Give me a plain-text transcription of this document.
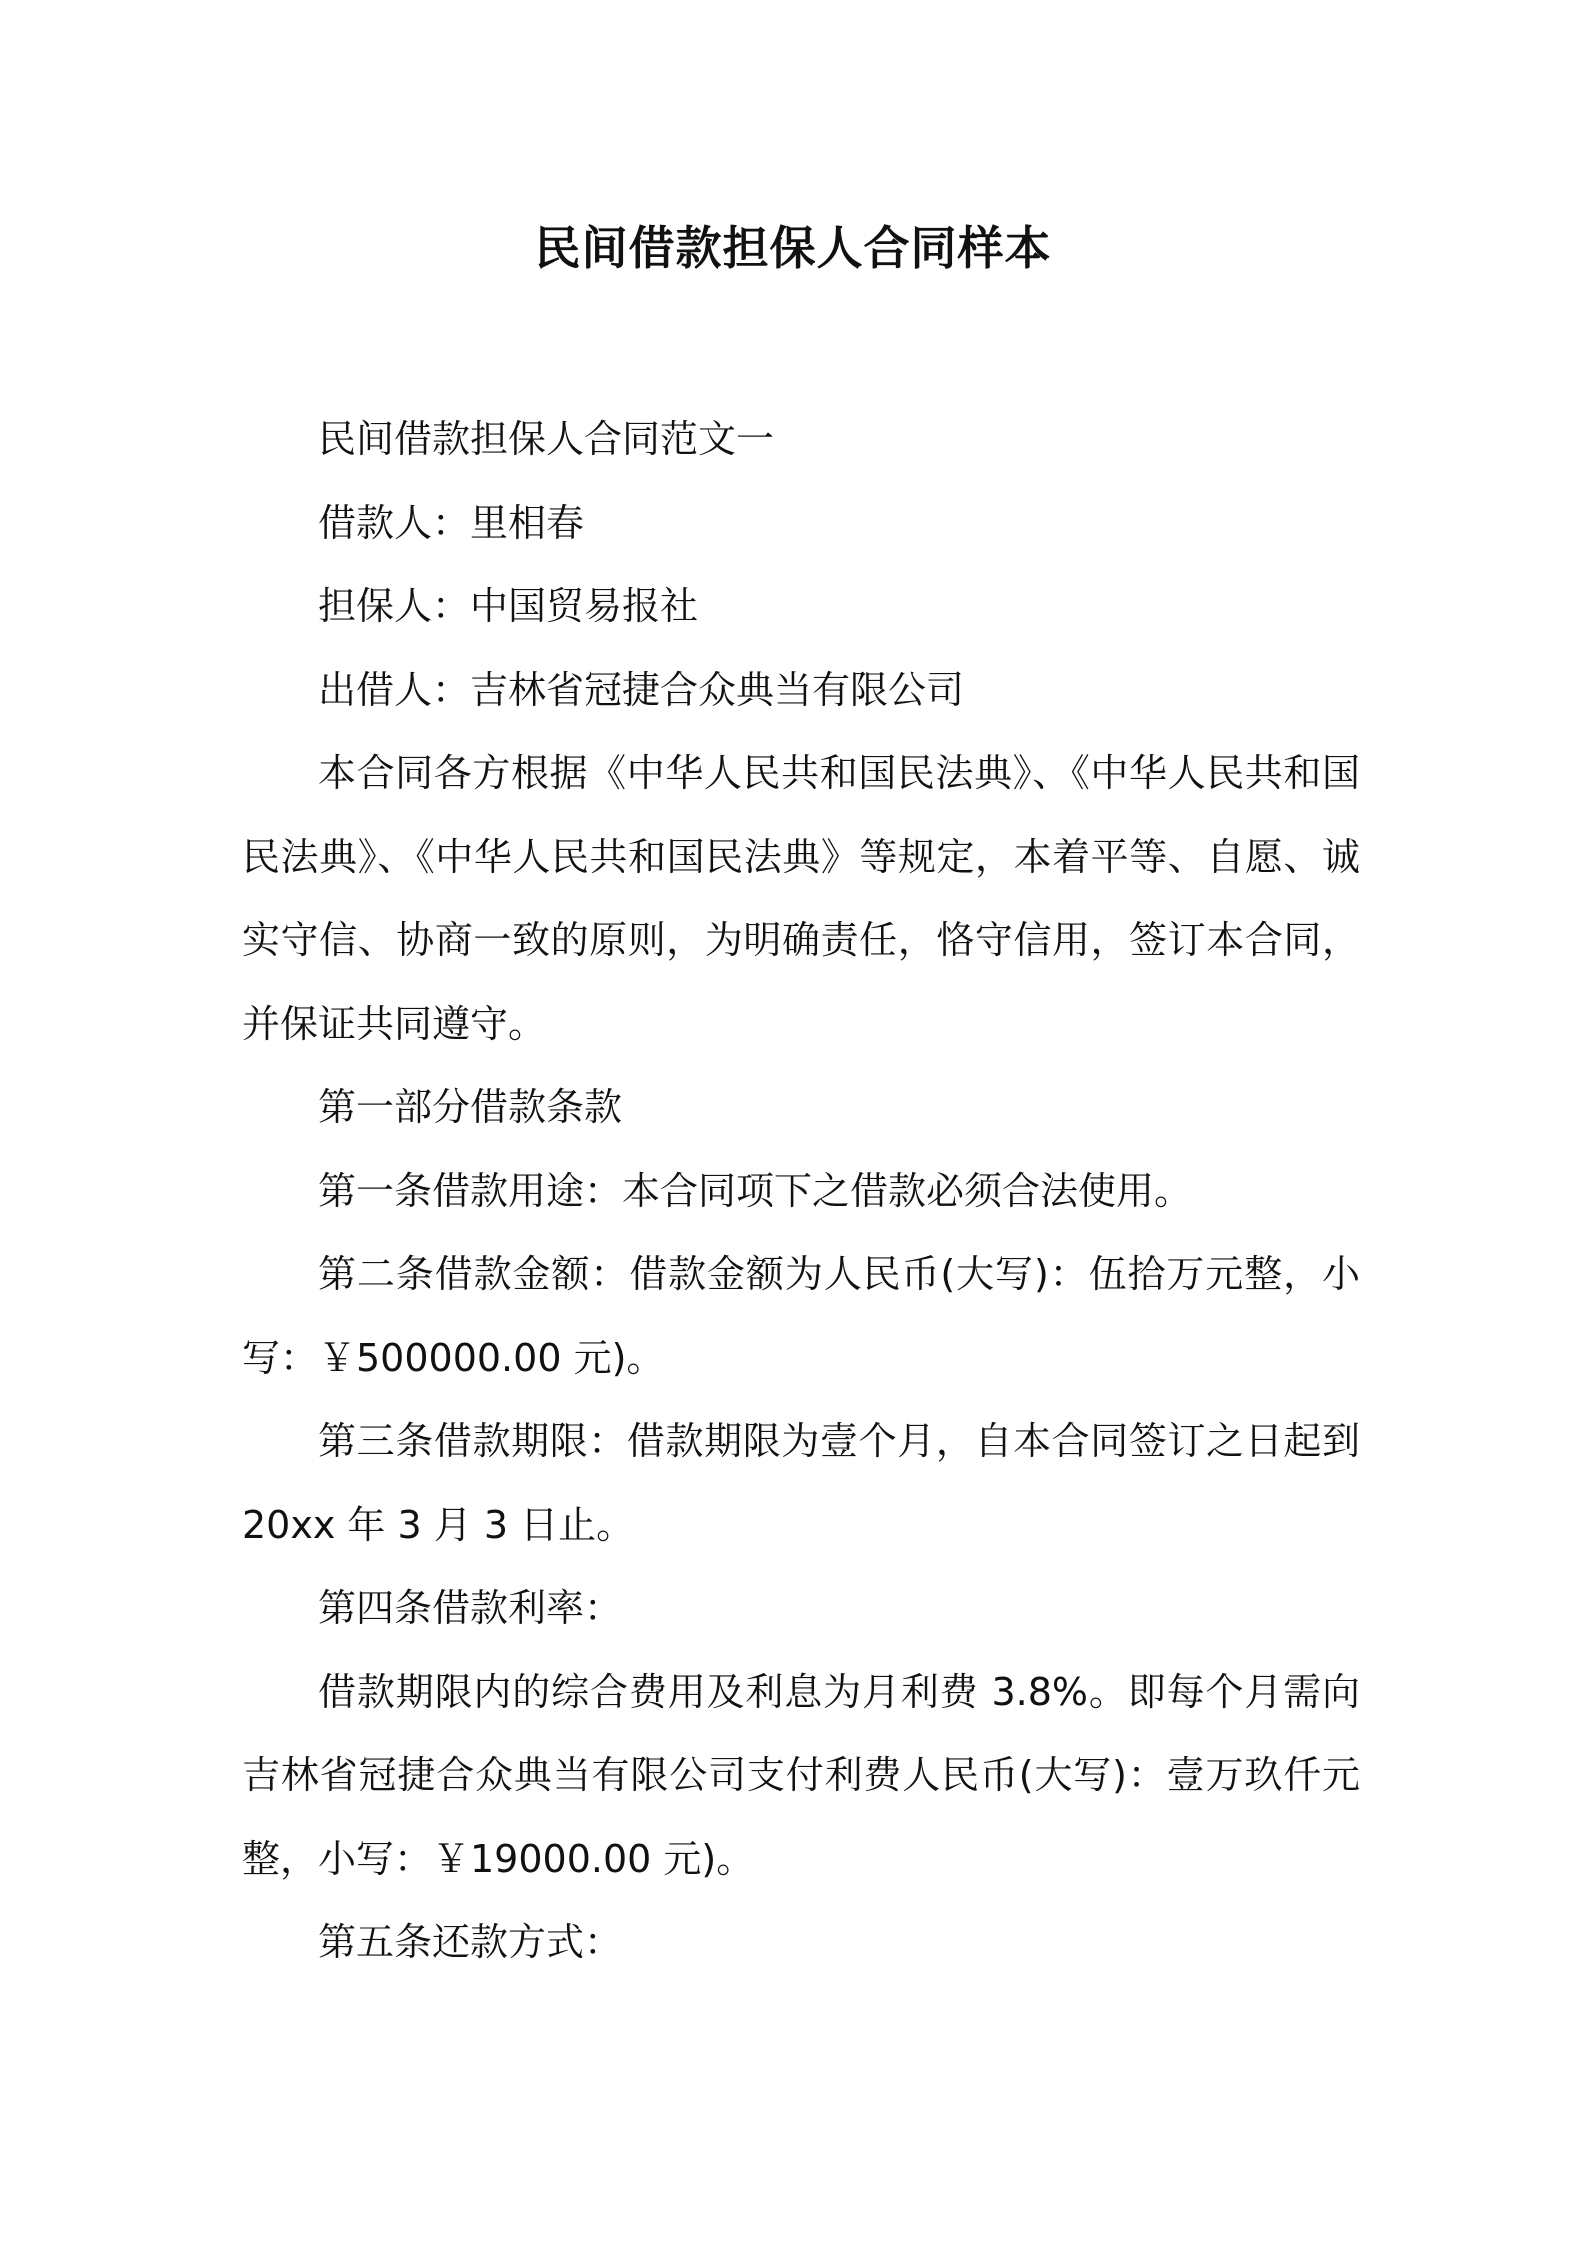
民间借款担保人合同样本

民间借款担保人合同范文一

借款人：里相春

担保人：中国贸易报社

出借人：吉林省冠捷合众典当有限公司

本合同各方根据《中华人民共和国民法典》、《中华人民共和国民法典》、《中华人民共和国民法典》等规定，本着平等、自愿、诚实守信、协商一致的原则，为明确责任，恪守信用，签订本合同，并保证共同遵守。

第一部分借款条款

第一条借款用途：本合同项下之借款必须合法使用。

第二条借款金额：借款金额为人民币(大写)：伍拾万元整，小写：￥500000.00 元)。

第三条借款期限：借款期限为壹个月，自本合同签订之日起到20xx 年 3 月 3 日止。

第四条借款利率：

借款期限内的综合费用及利息为月利费 3.8%。即每个月需向吉林省冠捷合众典当有限公司支付利费人民币(大写)：壹万玖仟元整，小写：￥19000.00 元)。

第五条还款方式：
